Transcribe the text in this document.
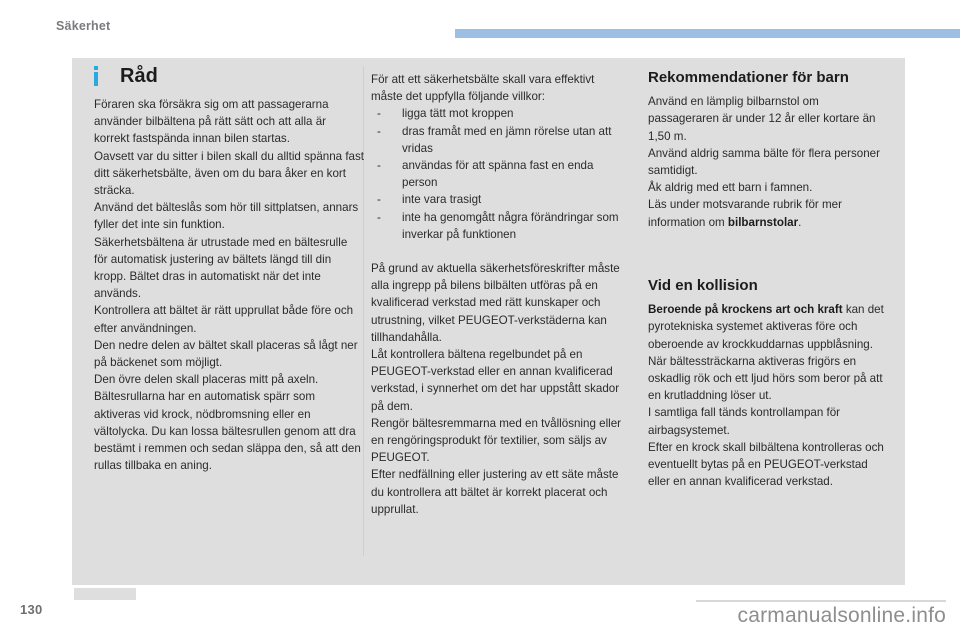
Säkerhet
Råd

Föraren ska försäkra sig om att passagerarna använder bilbältena på rätt sätt och att alla är korrekt fastspända innan bilen startas.

Oavsett var du sitter i bilen skall du alltid spänna fast ditt säkerhetsbälte, även om du bara åker en kort sträcka.

Använd det bälteslås som hör till sittplatsen, annars fyller det inte sin funktion.

Säkerhetsbältena är utrustade med en bältesrulle för automatisk justering av bältets längd till din kropp. Bältet dras in automatiskt när det inte används.

Kontrollera att bältet är rätt upprullat både före och efter användningen.

Den nedre delen av bältet skall placeras så lågt ner på bäckenet som möjligt.

Den övre delen skall placeras mitt på axeln.

Bältesrullarna har en automatisk spärr som aktiveras vid krock, nödbromsning eller en vältolycka. Du kan lossa bältesrullen genom att dra bestämt i remmen och sedan släppa den, så att den rullas tillbaka en aning.

För att ett säkerhetsbälte skall vara effektivt måste det uppfylla följande villkor:

- ligga tätt mot kroppen
- dras framåt med en jämn rörelse utan att vridas
- användas för att spänna fast en enda person
- inte vara trasigt
- inte ha genomgått några förändringar som inverkar på funktionen

På grund av aktuella säkerhetsföreskrifter måste alla ingrepp på bilens bilbälten utföras på en kvalificerad verkstad med rätt kunskaper och utrustning, vilket PEUGEOT-verkstäderna kan tillhandahålla.

Låt kontrollera bältena regelbundet på en PEUGEOT-verkstad eller en annan kvalificerad verkstad, i synnerhet om det har uppstått skador på dem.

Rengör bältesremmarna med en tvållösning eller en rengöringsprodukt för textilier, som säljs av PEUGEOT.

Efter nedfällning eller justering av ett säte måste du kontrollera att bältet är korrekt placerat och upprullat.

Rekommendationer för barn

Använd en lämplig bilbarnstol om passageraren är under 12 år eller kortare än 1,50 m.

Använd aldrig samma bälte för flera personer samtidigt.

Åk aldrig med ett barn i famnen.

Läs under motsvarande rubrik för mer information om bilbarnstolar.

Vid en kollision

Beroende på krockens art och kraft kan det pyrotekniska systemet aktiveras före och oberoende av krockkuddarnas uppblåsning.

När bältessträckarna aktiveras frigörs en oskadlig rök och ett ljud hörs som beror på att en krutladdning löser ut.

I samtliga fall tänds kontrollampan för airbagsystemet.

Efter en krock skall bilbältena kontrolleras och eventuellt bytas på en PEUGEOT-verkstad eller en annan kvalificerad verkstad.

130	carmanualsonline.info
